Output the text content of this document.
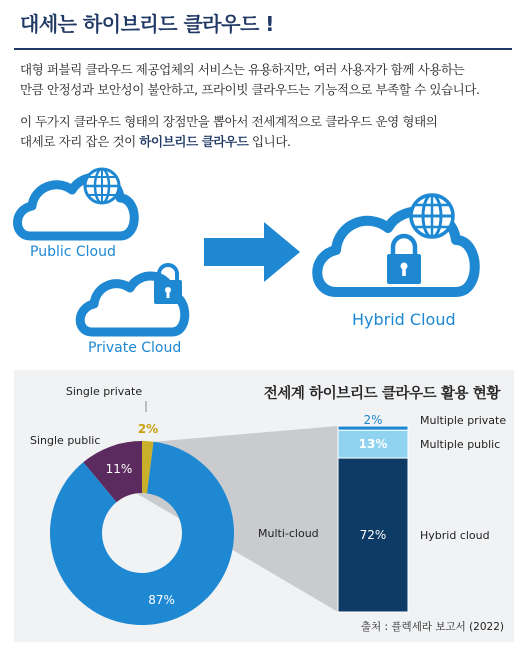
대세는 하이브리드 클라우드 !
대형 퍼블릭 클라우드 제공업체의 서비스는 유용하지만, 여러 사용자가 함께 사용하는
만큼 안정성과 보안성이 불안하고, 프라이빗 클라우드는 기능적으로 부족할 수 있습니다.
이 두가지 클라우드 형태의 장점만을 뽑아서 전세계적으로 클라우드 운영 형태의
대세로 자리 잡은 것이 하이브리드 클라우드 입니다.
Public Cloud
Private Cloud
Hybrid Cloud
87%
11%
2%
Single private
Single public
Multi-cloud
2%	Multiple private
13%	Multiple public
72%	Hybrid cloud
전세계 하이브리드 클라우드 활용 현황
출처 : 플렉세라 보고서 (2022)
